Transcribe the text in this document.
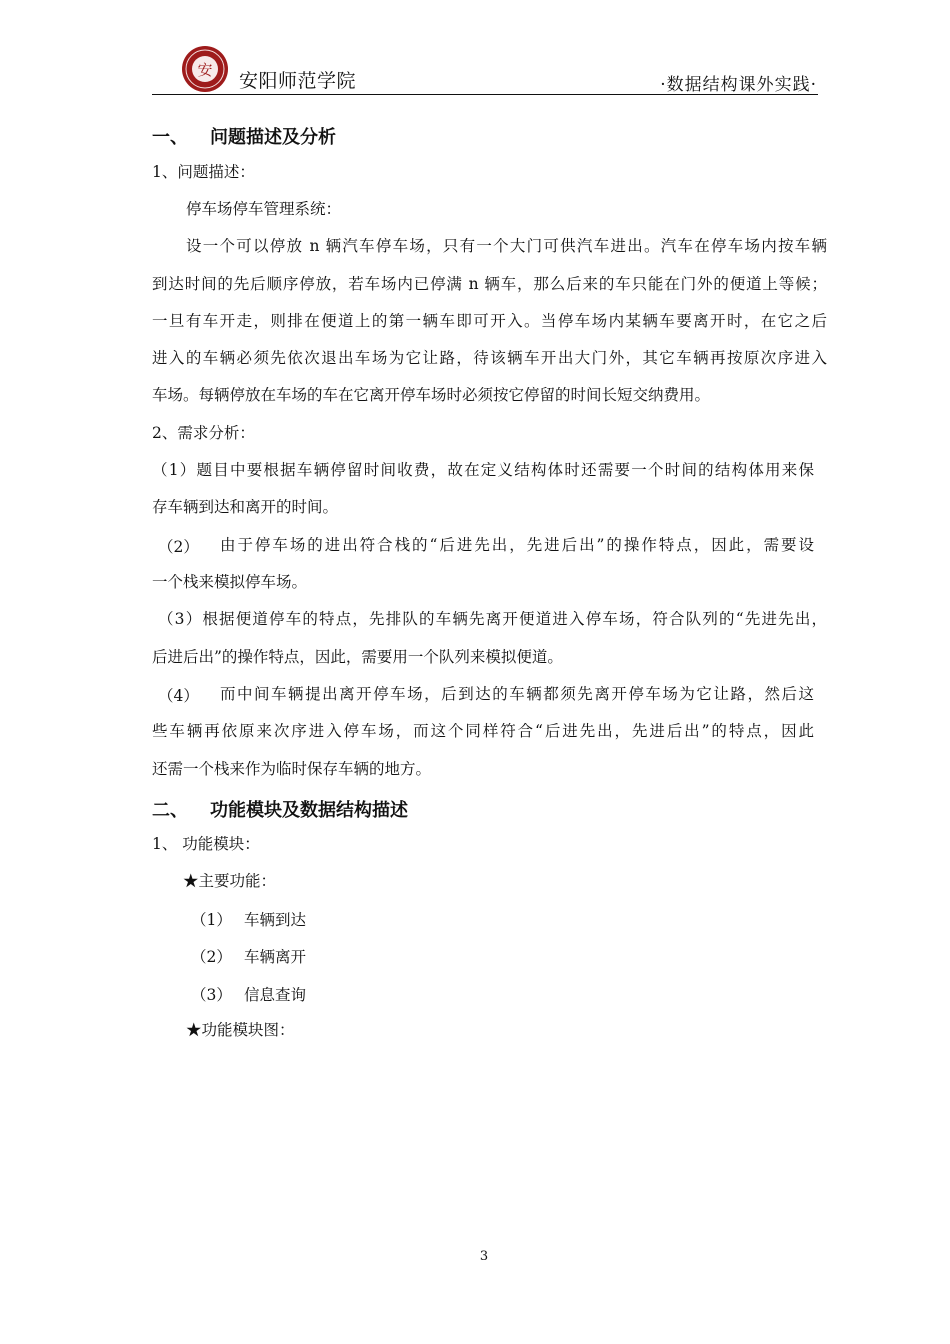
安 安阳师范学院	·数据结构课外实践·
一、 问题描述及分析
1、问题描述：
停车场停车管理系统：
设一个可以停放 n 辆汽车停车场，只有一个大门可供汽车进出。汽车在停车场内按车辆
到达时间的先后顺序停放，若车场内已停满 n 辆车，那么后来的车只能在门外的便道上等候；
一旦有车开走，则排在便道上的第一辆车即可开入。当停车场内某辆车要离开时，在它之后
进入的车辆必须先依次退出车场为它让路，待该辆车开出大门外，其它车辆再按原次序进入
车场。每辆停放在车场的车在它离开停车场时必须按它停留的时间长短交纳费用。
2、需求分析：
（1）题目中要根据车辆停留时间收费，故在定义结构体时还需要一个时间的结构体用来保
存车辆到达和离开的时间。
（2） 由于停车场的进出符合栈的“后进先出，先进后出”的操作特点，因此，需要设
一个栈来模拟停车场。
（3）根据便道停车的特点，先排队的车辆先离开便道进入停车场，符合队列的“先进先出，
后进后出”的操作特点，因此，需要用一个队列来模拟便道。
（4） 而中间车辆提出离开停车场，后到达的车辆都须先离开停车场为它让路，然后这
些车辆再依原来次序进入停车场，而这个同样符合“后进先出，先进后出”的特点，因此
还需一个栈来作为临时保存车辆的地方。
二、 功能模块及数据结构描述
1、 功能模块：
★主要功能：
（1） 车辆到达
（2） 车辆离开
（3） 信息查询
★功能模块图：
3
